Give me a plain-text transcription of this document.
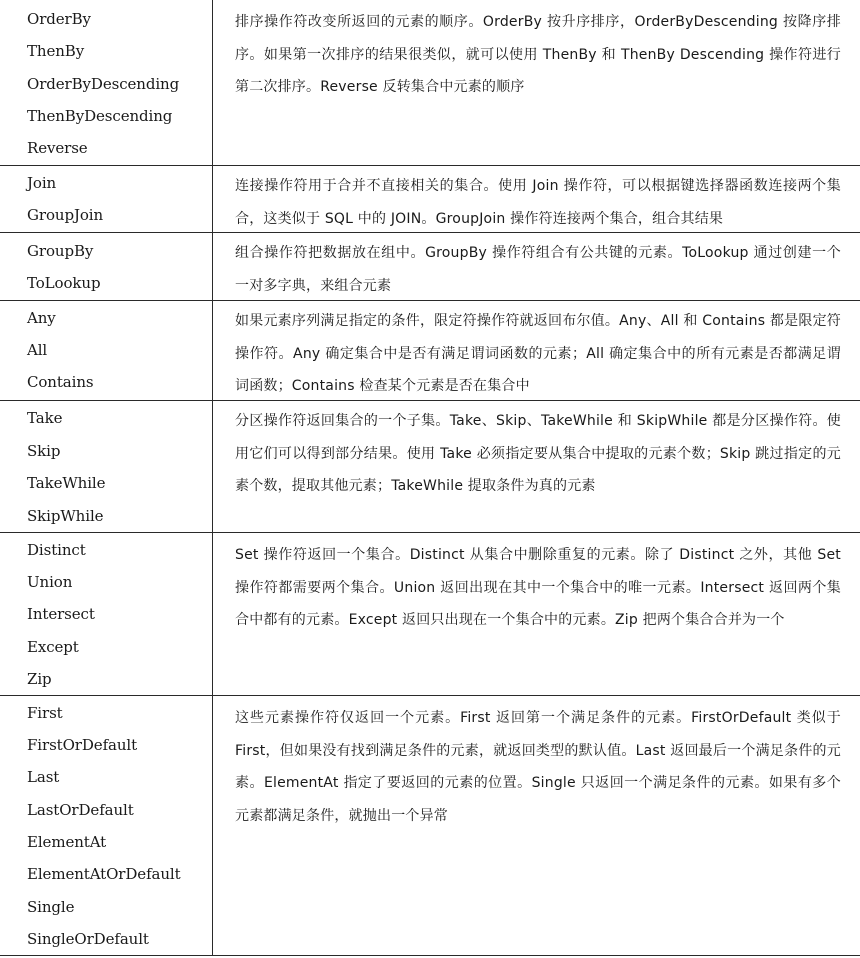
OrderBy
ThenBy
OrderByDescending
ThenByDescending
Reverse
排序操作符改变所返回的元素的顺序。OrderBy 按升序排序，OrderByDescending 按降序排序。如果第一次排序的结果很类似，就可以使用 ThenBy 和 ThenBy Descending 操作符进行第二次排序。Reverse 反转集合中元素的顺序
Join
GroupJoin
连接操作符用于合并不直接相关的集合。使用 Join 操作符，可以根据键选择器函数连接两个集合，这类似于 SQL 中的 JOIN。GroupJoin 操作符连接两个集合，组合其结果
GroupBy
ToLookup
组合操作符把数据放在组中。GroupBy 操作符组合有公共键的元素。ToLookup 通过创建一个一对多字典，来组合元素
Any
All
Contains
如果元素序列满足指定的条件，限定符操作符就返回布尔值。Any、All 和 Contains 都是限定符操作符。Any 确定集合中是否有满足谓词函数的元素；All 确定集合中的所有元素是否都满足谓词函数；Contains 检查某个元素是否在集合中
Take
Skip
TakeWhile
SkipWhile
分区操作符返回集合的一个子集。Take、Skip、TakeWhile 和 SkipWhile 都是分区操作符。使用它们可以得到部分结果。使用 Take 必须指定要从集合中提取的元素个数；Skip 跳过指定的元素个数，提取其他元素；TakeWhile 提取条件为真的元素
Distinct
Union
Intersect
Except
Zip
Set 操作符返回一个集合。Distinct 从集合中删除重复的元素。除了 Distinct 之外，其他 Set 操作符都需要两个集合。Union 返回出现在其中一个集合中的唯一元素。Intersect 返回两个集合中都有的元素。Except 返回只出现在一个集合中的元素。Zip 把两个集合合并为一个
First
FirstOrDefault
Last
LastOrDefault
ElementAt
ElementAtOrDefault
Single
SingleOrDefault
这些元素操作符仅返回一个元素。First 返回第一个满足条件的元素。FirstOrDefault 类似于 First，但如果没有找到满足条件的元素，就返回类型的默认值。Last 返回最后一个满足条件的元素。ElementAt 指定了要返回的元素的位置。Single 只返回一个满足条件的元素。如果有多个元素都满足条件，就抛出一个异常
